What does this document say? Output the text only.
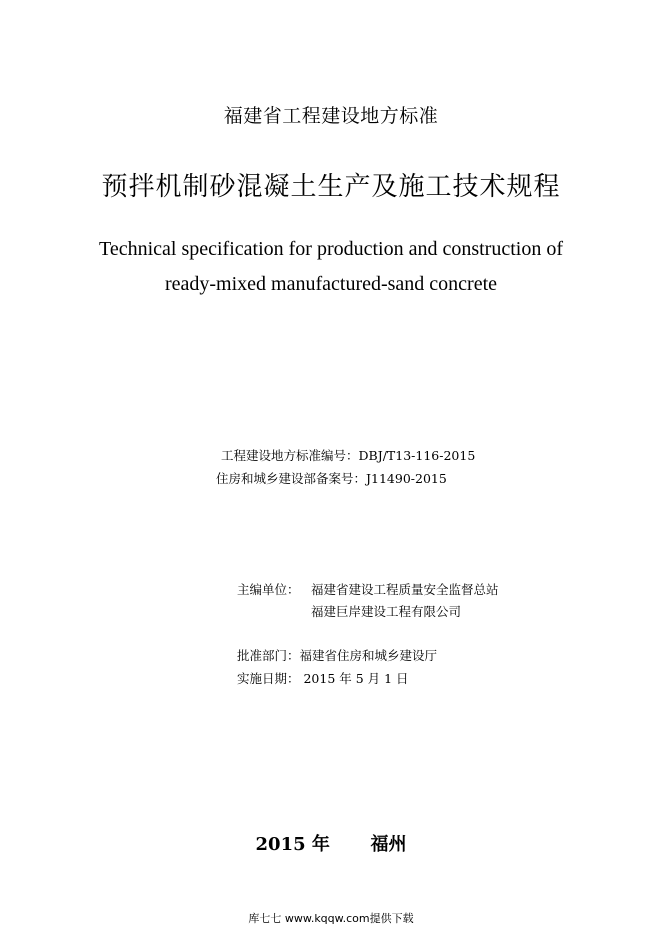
福建省工程建设地方标准
预拌机制砂混凝土生产及施工技术规程
Technical specification for production and construction of
ready-mixed manufactured-sand concrete
工程建设地方标准编号：DBJ/T13-116-2015
住房和城乡建设部备案号：J11490-2015
主编单位： 福建省建设工程质量安全监督总站
福建巨岸建设工程有限公司
批准部门：福建省住房和城乡建设厅
实施日期： 2015 年 5 月 1 日
2015 年 福州
库七七 www.kqqw.com提供下载
